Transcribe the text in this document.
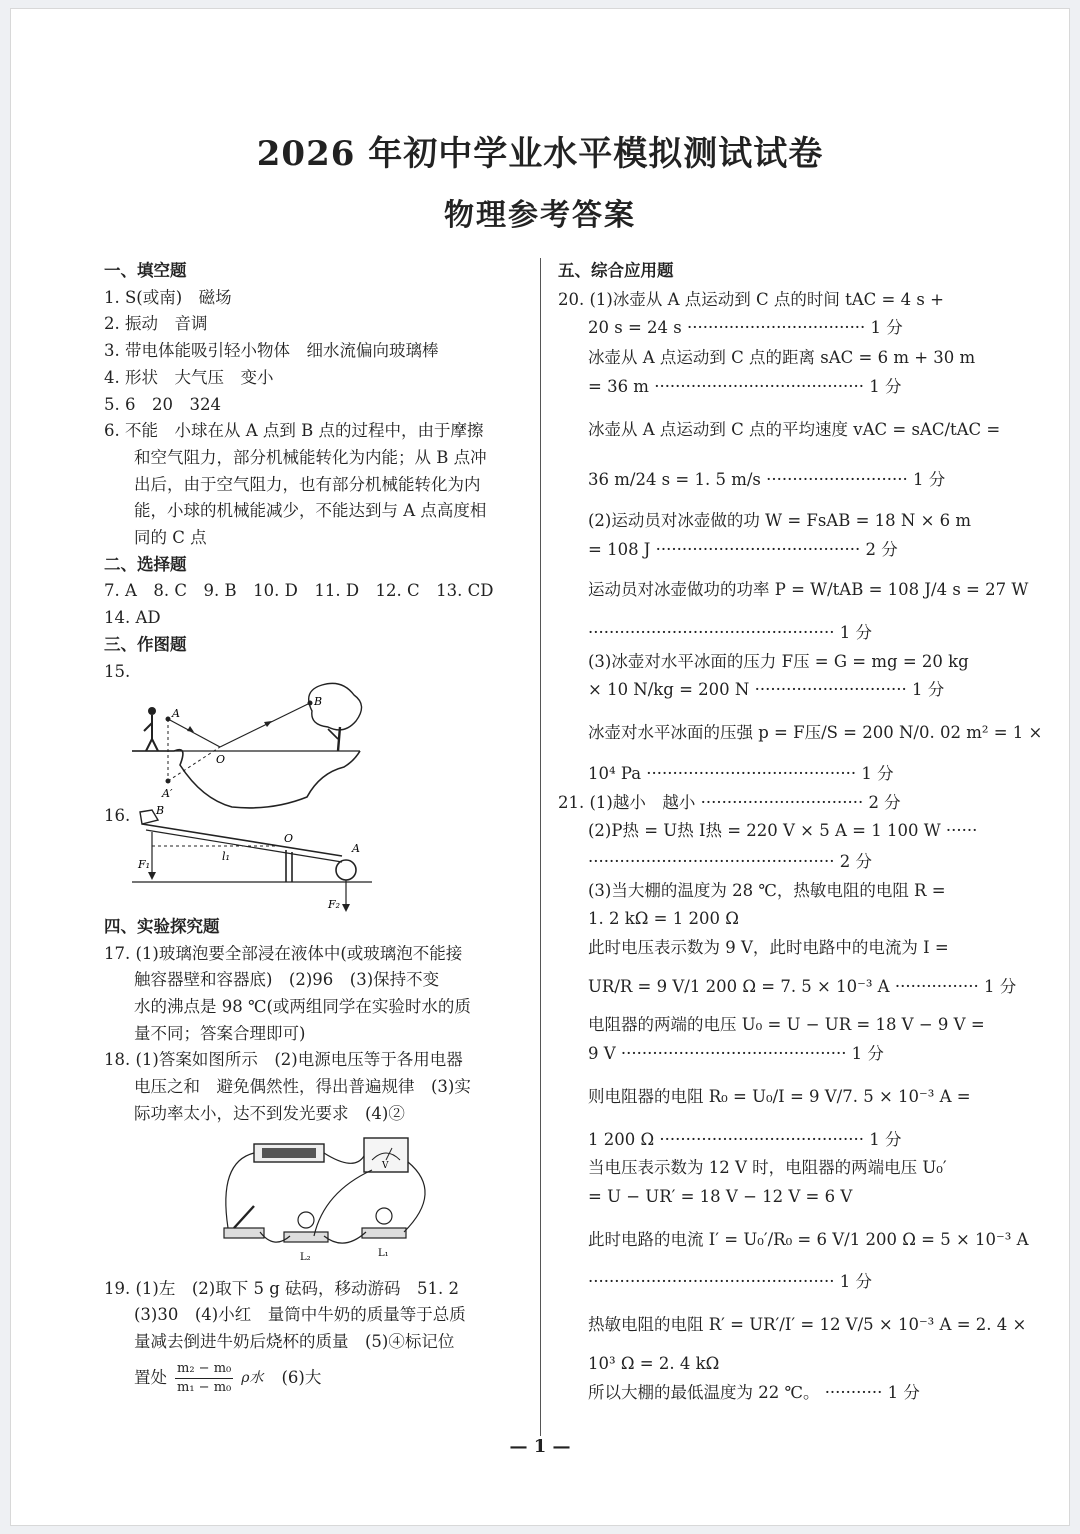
2026 年初中学业水平模拟测试试卷
物理参考答案
一、填空题
1. S(或南)　磁场
2. 振动　音调
3. 带电体能吸引轻小物体　细水流偏向玻璃棒
4. 形状　大气压　变小
5. 6　20　324
6. 不能　小球在从 A 点到 B 点的过程中，由于摩擦
和空气阻力，部分机械能转化为内能；从 B 点冲
出后，由于空气阻力，也有部分机械能转化为内
能，小球的机械能减少，不能达到与 A 点高度相
同的 C 点
二、选择题
7. A　8. C　9. B　10. D　11. D　12. C　13. CD
14. AD
三、作图题
15.
A
B
O
A′
16.	B
O
A
F₁
F₂
l₁
四、实验探究题
17. (1)玻璃泡要全部浸在液体中(或玻璃泡不能接
触容器壁和容器底)　(2)96　(3)保持不变
水的沸点是 98 ℃(或两组同学在实验时水的质
量不同；答案合理即可)
18. (1)答案如图所示　(2)电源电压等于各用电器
电压之和　避免偶然性，得出普遍规律　(3)实
际功率太小，达不到发光要求　(4)②
V
L₂	L₁
19. (1)左　(2)取下 5 g 砝码，移动游码　51. 2
(3)30　(4)小红　量筒中牛奶的质量等于总质
量减去倒进牛奶后烧杯的质量　(5)④标记位
置处 $\frac{\text{m₂ − m₀}}{\text{m₁ − m₀}}$ ρ水 (6)大
五、综合应用题
20. (1)冰壶从 A 点运动到 C 点的时间 tAC = 4 s +
20 s = 24 s ·································· 1 分
冰壶从 A 点运动到 C 点的距离 sAC = 6 m + 30 m
= 36 m ········································ 1 分
冰壶从 A 点运动到 C 点的平均速度 vAC = sAC/tAC =
36 m/24 s = 1. 5 m/s ··························· 1 分
(2)运动员对冰壶做的功 W = FsAB = 18 N × 6 m
= 108 J ······································· 2 分
运动员对冰壶做功的功率 P = W/tAB = 108 J/4 s = 27 W
··············································· 1 分
(3)冰壶对水平冰面的压力 F压 = G = mg = 20 kg
× 10 N/kg = 200 N ····························· 1 分
冰壶对水平冰面的压强 p = F压/S = 200 N/0. 02 m² = 1 ×
10⁴ Pa ········································ 1 分
21. (1)越小　越小 ······························· 2 分
(2)P热 = U热 I热 = 220 V × 5 A = 1 100 W ······
··············································· 2 分
(3)当大棚的温度为 28 ℃，热敏电阻的电阻 R =
1. 2 kΩ = 1 200 Ω
此时电压表示数为 9 V，此时电路中的电流为 I =
UR/R = 9 V/1 200 Ω = 7. 5 × 10⁻³ A ················ 1 分
电阻器的两端的电压 U₀ = U − UR = 18 V − 9 V =
9 V ··········································· 1 分
则电阻器的电阻 R₀ = U₀/I = 9 V/7. 5 × 10⁻³ A =
1 200 Ω ······································· 1 分
当电压表示数为 12 V 时，电阻器的两端电压 U₀′
= U − UR′ = 18 V − 12 V = 6 V
此时电路的电流 I′ = U₀′/R₀ = 6 V/1 200 Ω = 5 × 10⁻³ A
··············································· 1 分
热敏电阻的电阻 R′ = UR′/I′ = 12 V/5 × 10⁻³ A = 2. 4 ×
10³ Ω = 2. 4 kΩ
所以大棚的最低温度为 22 ℃。 ··········· 1 分
— 1 —
